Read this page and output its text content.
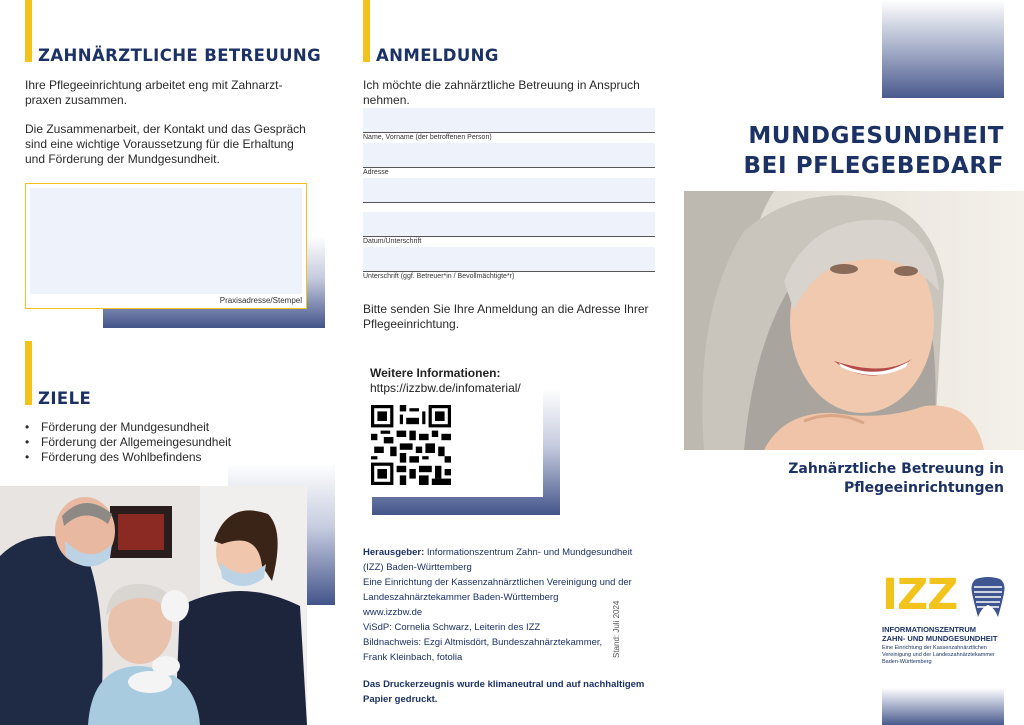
ZAHNÄRZTLICHE BETREUUNG
Ihre Pflegeeinrichtung arbeitet eng mit Zahnarzt-
praxen zusammen.
Die Zusammenarbeit, der Kontakt und das Gespräch
sind eine wichtige Voraussetzung für die Erhaltung
und Förderung der Mundgesundheit.
Praxisadresse/Stempel
ZIELE
• Förderung der Mundgesundheit
• Förderung der Allgemeingesundheit
• Förderung des Wohlbefindens
ANMELDUNG
Ich möchte die zahnärztliche Betreuung in Anspruch
nehmen.
Name, Vorname (der betroffenen Person)
Adresse
Datum/Unterschrift
Unterschrift (ggf. Betreuer*in / Bevollmächtigte*r)
Bitte senden Sie Ihre Anmeldung an die Adresse Ihrer
Pflegeeinrichtung.
Weitere Informationen:
https://izzbw.de/infomaterial/
Herausgeber: Informationszentrum Zahn- und Mundgesundheit
(IZZ) Baden-Württemberg
Eine Einrichtung der Kassenzahnärztlichen Vereinigung und der
Landeszahnärztekammer Baden-Württemberg
www.izzbw.de
ViSdP: Cornelia Schwarz, Leiterin des IZZ
Bildnachweis: Ezgi Altmisdört, Bundeszahnärztekammer,
Frank Kleinbach, fotolia
Das Druckerzeugnis wurde klimaneutral und auf nachhaltigem
Papier gedruckt.
Stand: Juli 2024
MUNDGESUNDHEIT
BEI PFLEGEBEDARF
Zahnärztliche Betreuung in
Pflegeeinrichtungen
IZZ
INFORMATIONSZENTRUM
ZAHN- UND MUNDGESUNDHEIT
Eine Einrichtung der Kassenzahnärztlichen
Vereinigung und der Landeszahnärztekammer
Baden-Württemberg
